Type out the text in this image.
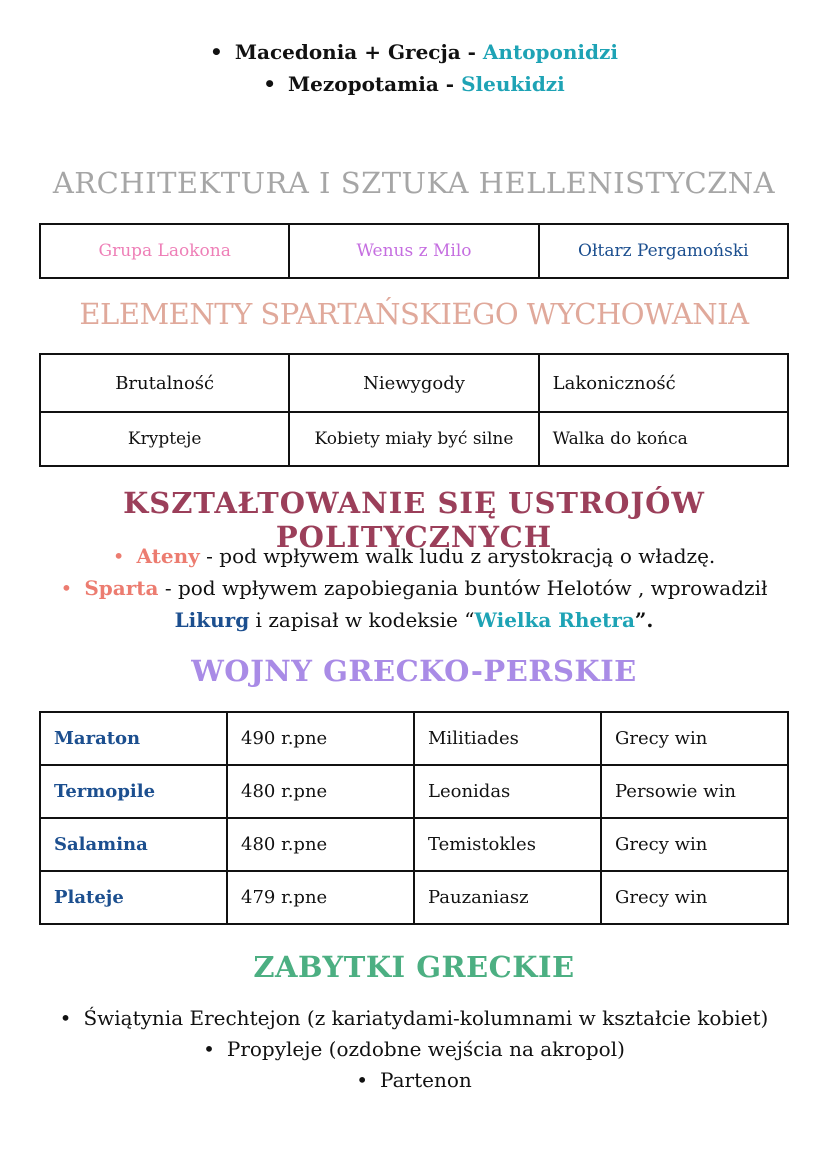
• Macedonia + Grecja - Antoponidzi
• Mezopotamia - Sleukidzi
ARCHITEKTURA I SZTUKA HELLENISTYCZNA
Grupa Laokona	Wenus z Milo	Ołtarz Pergamoński
ELEMENTY SPARTAŃSKIEGO WYCHOWANIA
Brutalność	Niewygody	Lakoniczność
Krypteje	Kobiety miały być silne	Walka do końca
KSZTAŁTOWANIE SIĘ USTROJÓW POLITYCZNYCH
• Ateny - pod wpływem walk ludu z arystokracją o władzę.
• Sparta - pod wpływem zapobiegania buntów Helotów , wprowadził
Likurg i zapisał w kodeksie “Wielka Rhetra”.
WOJNY GRECKO-PERSKIE
Maraton	490 r.pne	Militiades	Grecy win
Termopile	480 r.pne	Leonidas	Persowie win
Salamina	480 r.pne	Temistokles	Grecy win
Plateje	479 r.pne	Pauzaniasz	Grecy win
ZABYTKI GRECKIE
• Świątynia Erechtejon (z kariatydami-kolumnami w kształcie kobiet)
• Propyleje (ozdobne wejścia na akropol)
• Partenon
